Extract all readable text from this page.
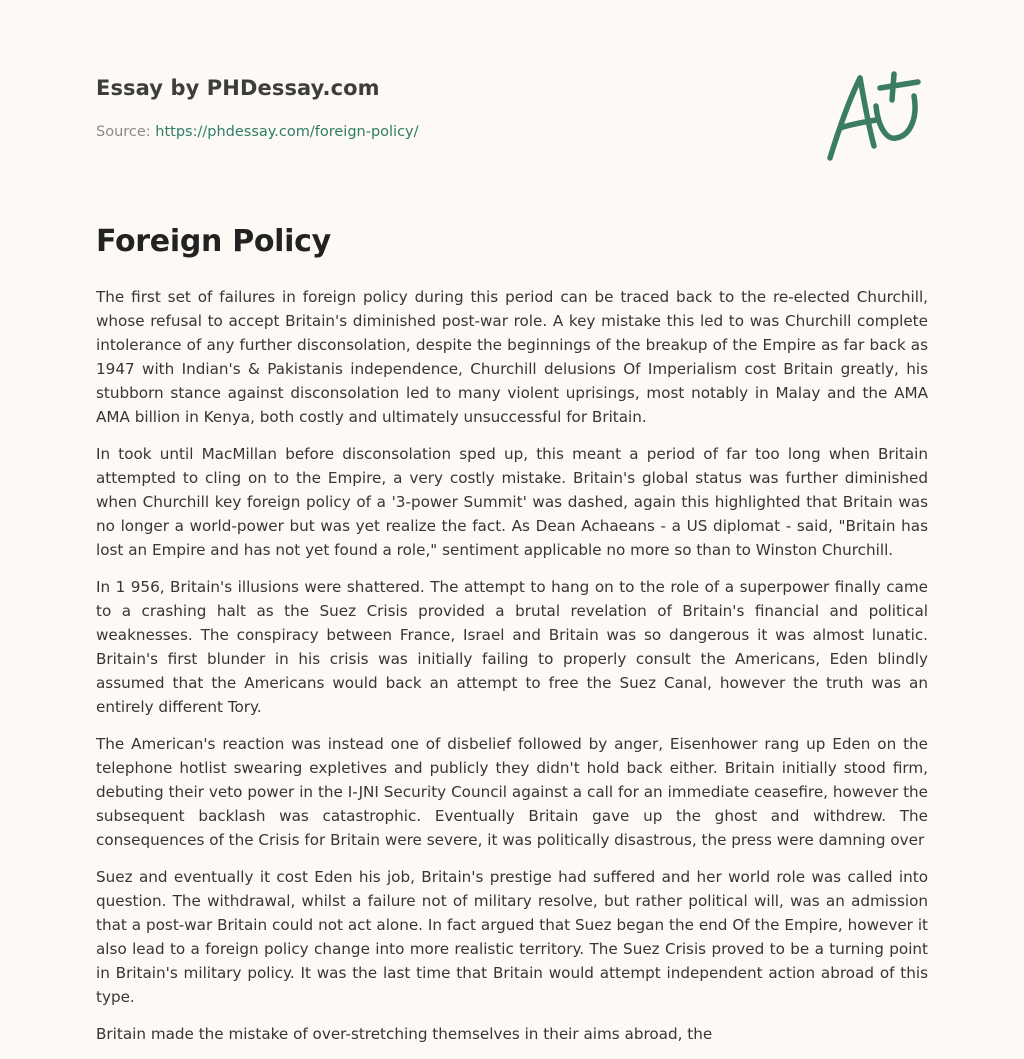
Essay by PHDessay.com
Source: https://phdessay.com/foreign-policy/
Foreign Policy

The first set of failures in foreign policy during this period can be traced back to the re-elected Churchill, whose refusal to accept Britain's diminished post-war role. A key mistake this led to was Churchill complete intolerance of any further disconsolation, despite the beginnings of the breakup of the Empire as far back as 1947 with Indian's & Pakistanis independence, Churchill delusions Of Imperialism cost Britain greatly, his stubborn stance against disconsolation led to many violent uprisings, most notably in Malay and the AMA AMA billion in Kenya, both costly and ultimately unsuccessful for Britain.

In took until MacMillan before disconsolation sped up, this meant a period of far too long when Britain attempted to cling on to the Empire, a very costly mistake. Britain's global status was further diminished when Churchill key foreign policy of a '3-power Summit' was dashed, again this highlighted that Britain was no longer a world-power but was yet realize the fact. As Dean Achaeans - a US diplomat - said, "Britain has lost an Empire and has not yet found a role," sentiment applicable no more so than to Winston Churchill.

In 1 956, Britain's illusions were shattered. The attempt to hang on to the role of a superpower finally came to a crashing halt as the Suez Crisis provided a brutal revelation of Britain's financial and political weaknesses. The conspiracy between France, Israel and Britain was so dangerous it was almost lunatic. Britain's first blunder in his crisis was initially failing to properly consult the Americans, Eden blindly assumed that the Americans would back an attempt to free the Suez Canal, however the truth was an entirely different Tory.

The American's reaction was instead one of disbelief followed by anger, Eisenhower rang up Eden on the telephone hotlist swearing expletives and publicly they didn't hold back either. Britain initially stood firm, debuting their veto power in the I-JNI Security Council against a call for an immediate ceasefire, however the subsequent backlash was catastrophic. Eventually Britain gave up the ghost and withdrew. The consequences of the Crisis for Britain were severe, it was politically disastrous, the press were damning over

Suez and eventually it cost Eden his job, Britain's prestige had suffered and her world role was called into question. The withdrawal, whilst a failure not of military resolve, but rather political will, was an admission that a post-war Britain could not act alone. In fact argued that Suez began the end Of the Empire, however it also lead to a foreign policy change into more realistic territory. The Suez Crisis proved to be a turning point in Britain's military policy. It was the last time that Britain would attempt independent action abroad of this type.

Britain made the mistake of over-stretching themselves in their aims abroad, the
